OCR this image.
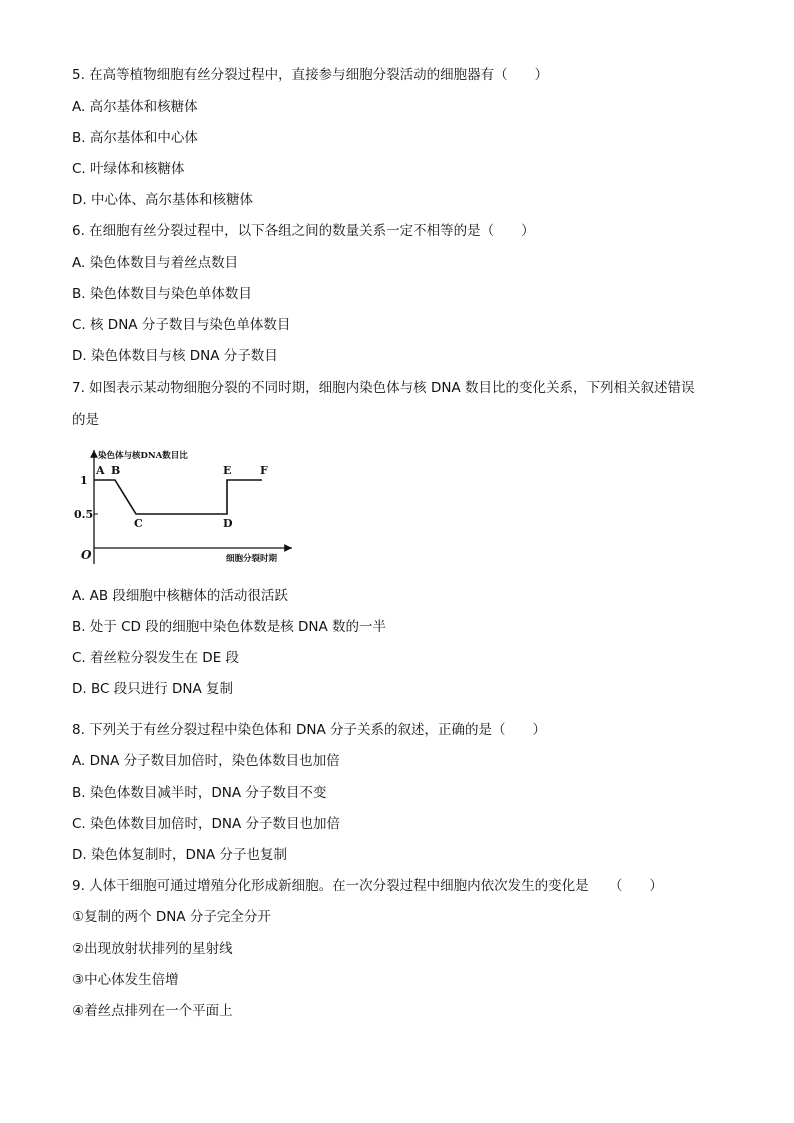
5. 在高等植物细胞有丝分裂过程中，直接参与细胞分裂活动的细胞器有（　　）
A. 高尔基体和核糖体
B. 高尔基体和中心体
C. 叶绿体和核糖体
D. 中心体、高尔基体和核糖体
6. 在细胞有丝分裂过程中，以下各组之间的数量关系一定不相等的是（　　）
A. 染色体数目与着丝点数目
B. 染色体数目与染色单体数目
C. 核 DNA 分子数目与染色单体数目
D. 染色体数目与核 DNA 分子数目
7. 如图表示某动物细胞分裂的不同时期，细胞内染色体与核 DNA 数目比的变化关系，下列相关叙述错误
的是
染色体与核DNA数目比
细胞分裂时期
O
1
0.5
A B
C	D
E	F
A. AB 段细胞中核糖体的活动很活跃
B. 处于 CD 段的细胞中染色体数是核 DNA 数的一半
C. 着丝粒分裂发生在 DE 段
D. BC 段只进行 DNA 复制
8. 下列关于有丝分裂过程中染色体和 DNA 分子关系的叙述，正确的是（　　）
A. DNA 分子数目加倍时，染色体数目也加倍
B. 染色体数目减半时，DNA 分子数目不变
C. 染色体数目加倍时，DNA 分子数目也加倍
D. 染色体复制时，DNA 分子也复制
9. 人体干细胞可通过增殖分化形成新细胞。在一次分裂过程中细胞内依次发生的变化是　　（　　）
①复制的两个 DNA 分子完全分开
②出现放射状排列的星射线
③中心体发生倍增
④着丝点排列在一个平面上
